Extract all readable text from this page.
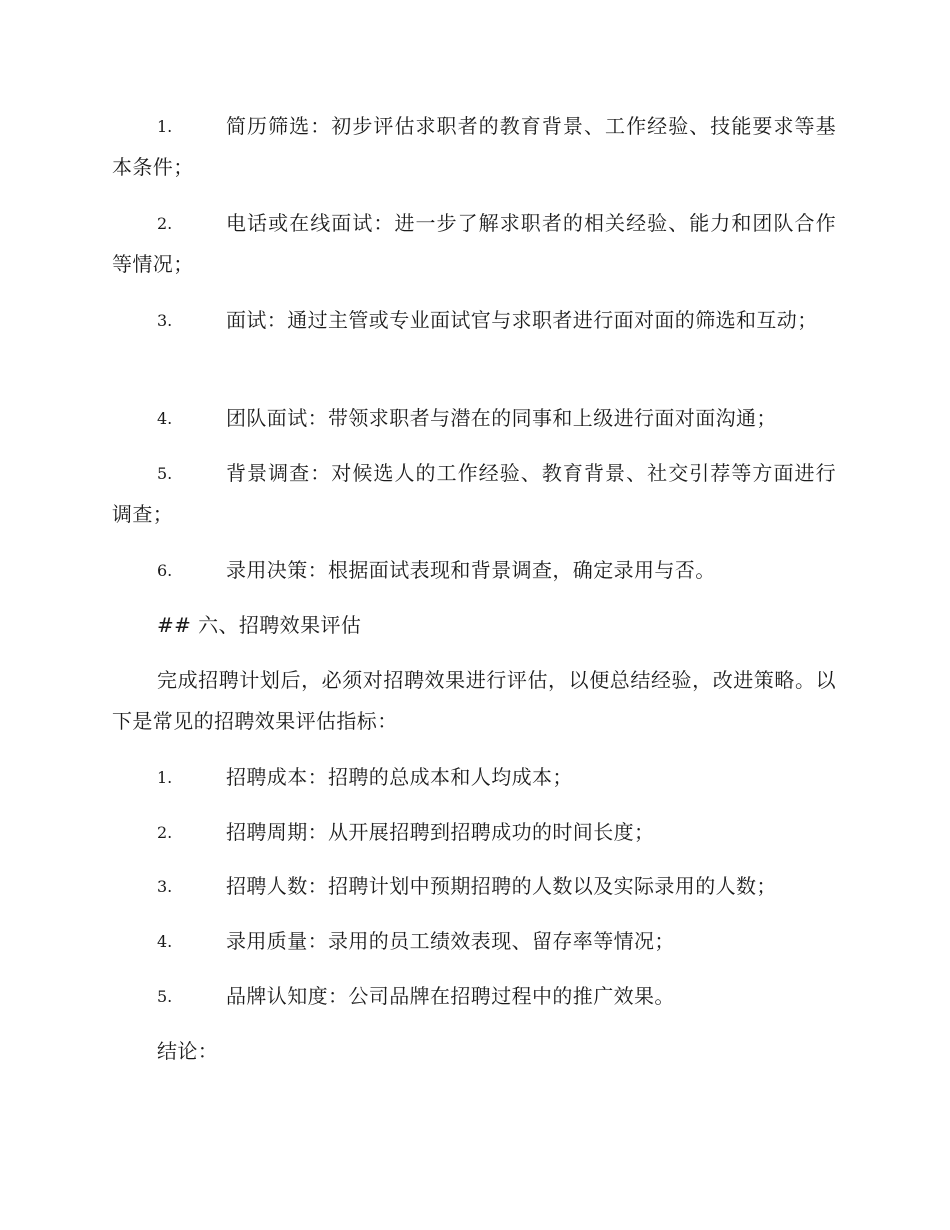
1.	简历筛选：初步评估求职者的教育背景、工作经验、技能要求等基本条件；
2.	电话或在线面试：进一步了解求职者的相关经验、能力和团队合作等情况；
3.	面试：通过主管或专业面试官与求职者进行面对面的筛选和互动；
4.	团队面试：带领求职者与潜在的同事和上级进行面对面沟通；
5.	背景调查：对候选人的工作经验、教育背景、社交引荐等方面进行调查；
6.	录用决策：根据面试表现和背景调查，确定录用与否。
## 六、招聘效果评估
完成招聘计划后，必须对招聘效果进行评估，以便总结经验，改进策略。以下是常见的招聘效果评估指标：
1.	招聘成本：招聘的总成本和人均成本；
2.	招聘周期：从开展招聘到招聘成功的时间长度；
3.	招聘人数：招聘计划中预期招聘的人数以及实际录用的人数；
4.	录用质量：录用的员工绩效表现、留存率等情况；
5.	品牌认知度：公司品牌在招聘过程中的推广效果。
结论：
